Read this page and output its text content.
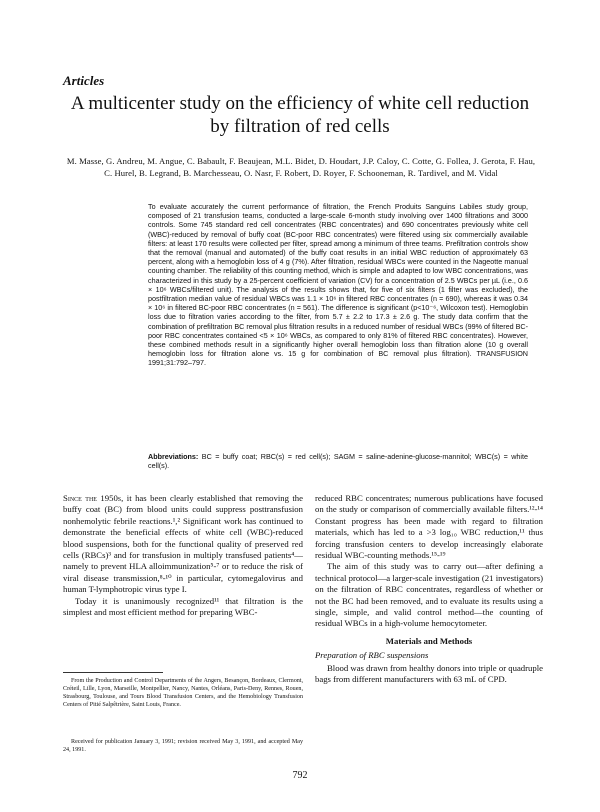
Articles
A multicenter study on the efficiency of white cell reduction by filtration of red cells
M. Masse, G. Andreu, M. Angue, C. Babault, F. Beaujean, M.L. Bidet, D. Houdart, J.P. Caloy, C. Cotte, G. Follea, J. Gerota, F. Hau, C. Hurel, B. Legrand, B. Marchesseau, O. Nasr, F. Robert, D. Royer, F. Schooneman, R. Tardivel, and M. Vidal

To evaluate accurately the current performance of filtration, the French Produits Sanguins Labiles study group, composed of 21 transfusion teams, conducted a large-scale 6-month study involving over 1400 filtrations and 3000 controls. Some 745 standard red cell concentrates (RBC concentrates) and 690 concentrates previously white cell (WBC)-reduced by removal of buffy coat (BC-poor RBC concentrates) were filtered using six commercially available filters: at least 170 results were collected per filter, spread among a minimum of three teams. Prefiltration controls show that the removal (manual and automated) of the buffy coat results in an initial WBC reduction of approximately 63 percent, along with a hemoglobin loss of 4 g (7%). After filtration, residual WBCs were counted in the Nageotte manual counting chamber. The reliability of this counting method, which is simple and adapted to low WBC concentrations, was characterized in this study by a 25-percent coefficient of variation (CV) for a concentration of 2.5 WBCs per µL (i.e., 0.6 × 10⁶ WBCs/filtered unit). The analysis of the results shows that, for five of six filters (1 filter was excluded), the postfiltration median value of residual WBCs was 1.1 × 10⁶ in filtered RBC concentrates (n = 690), whereas it was 0.34 × 10⁶ in filtered BC-poor RBC concentrates (n = 561). The difference is significant (p<10⁻⁶, Wilcoxon test). Hemoglobin loss due to filtration varies according to the filter, from 5.7 ± 2.2 to 17.3 ± 2.6 g. The study data confirm that the combination of prefiltration BC removal plus filtration results in a reduced number of residual WBCs (99% of filtered BC-poor RBC concentrates contained <5 × 10⁶ WBCs, as compared to only 81% of filtered RBC concentrates). However, these combined methods result in a significantly higher overall hemoglobin loss than filtration alone (10 g overall hemoglobin loss for filtration alone vs. 15 g for combination of BC removal plus filtration). TRANSFUSION 1991;31:792–797.

Abbreviations: BC = buffy coat; RBC(s) = red cell(s); SAGM = saline-adenine-glucose-mannitol; WBC(s) = white cell(s).

Since the 1950s, it has been clearly established that removing the buffy coat (BC) from blood units could suppress posttransfusion nonhemolytic febrile reactions.¹,² Significant work has continued to demonstrate the beneficial effects of white cell (WBC)-reduced blood suspensions, both for the functional quality of preserved red cells (RBCs)³ and for transfusion in multiply transfused patients⁴—namely to prevent HLA alloimmunization⁵-⁷ or to reduce the risk of viral disease transmission,⁸-¹⁰ in particular, cytomegalovirus and human T-lymphotropic virus type I.

Today it is unanimously recognized¹¹ that filtration is the simplest and most efficient method for preparing WBC-

reduced RBC concentrates; numerous publications have focused on the study or comparison of commercially available filters.¹²-¹⁴ Constant progress has been made with regard to filtration materials, which has led to a >3 log₁₀ WBC reduction,¹¹ thus forcing transfusion centers to develop increasingly elaborate residual WBC-counting methods.¹⁵-¹⁹

The aim of this study was to carry out—after defining a technical protocol—a larger-scale investigation (21 investigators) on the filtration of RBC concentrates, regardless of whether or not the BC had been removed, and to evaluate its results using a single, simple, and valid control method—the counting of residual WBCs in a high-volume hemocytometer.

Materials and Methods

Preparation of RBC suspensions

Blood was drawn from healthy donors into triple or quadruple bags from different manufacturers with 63 mL of CPD.

From the Production and Control Departments of the Angers, Besançon, Bordeaux, Clermont, Créteil, Lille, Lyon, Marseille, Montpellier, Nancy, Nantes, Orléans, Paris-Deny, Rennes, Rouen, Strasbourg, Toulouse, and Tours Blood Transfusion Centers, and the Hemobiology Transfusion Centers of Pitié Salpêtrière, Saint Louis, France.

Received for publication January 3, 1991; revision received May 3, 1991, and accepted May 24, 1991.

792
